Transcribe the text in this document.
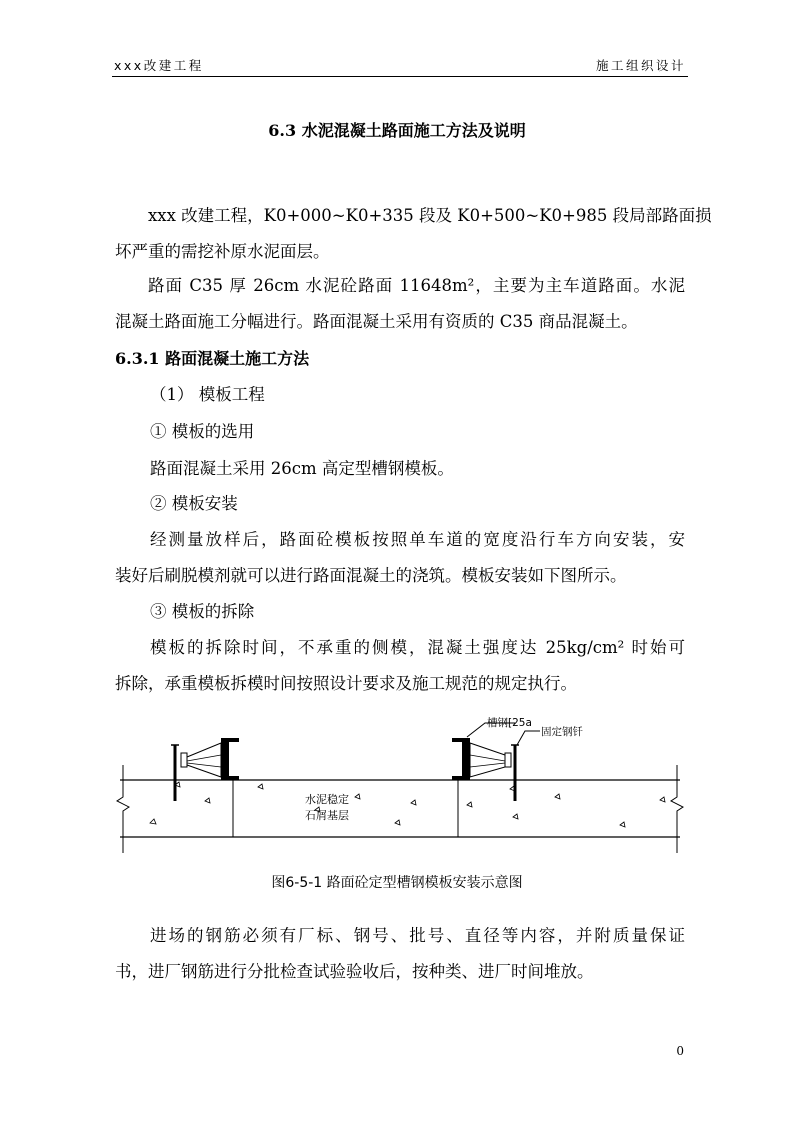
xxx改建工程	施工组织设计
6.3 水泥混凝土路面施工方法及说明
xxx 改建工程，K0+000~K0+335 段及 K0+500~K0+985 段局部路面损
坏严重的需挖补原水泥面层。
路面 C35 厚 26cm 水泥砼路面 11648m²，主要为主车道路面。水泥
混凝土路面施工分幅进行。路面混凝土采用有资质的 C35 商品混凝土。
6.3.1 路面混凝土施工方法
（1） 模板工程
① 模板的选用
路面混凝土采用 26cm 高定型槽钢模板。
② 模板安装
经测量放样后，路面砼模板按照单车道的宽度沿行车方向安装，安
装好后刷脱模剂就可以进行路面混凝土的浇筑。模板安装如下图所示。
③ 模板的拆除
模板的拆除时间，不承重的侧模，混凝土强度达 25kg/cm² 时始可
拆除，承重模板拆模时间按照设计要求及施工规范的规定执行。
槽钢[25a
固定钢钎
水泥稳定
石屑基层
图6-5-1 路面砼定型槽钢模板安装示意图
进场的钢筋必须有厂标、钢号、批号、直径等内容，并附质量保证
书，进厂钢筋进行分批检查试验验收后，按种类、进厂时间堆放。
0
